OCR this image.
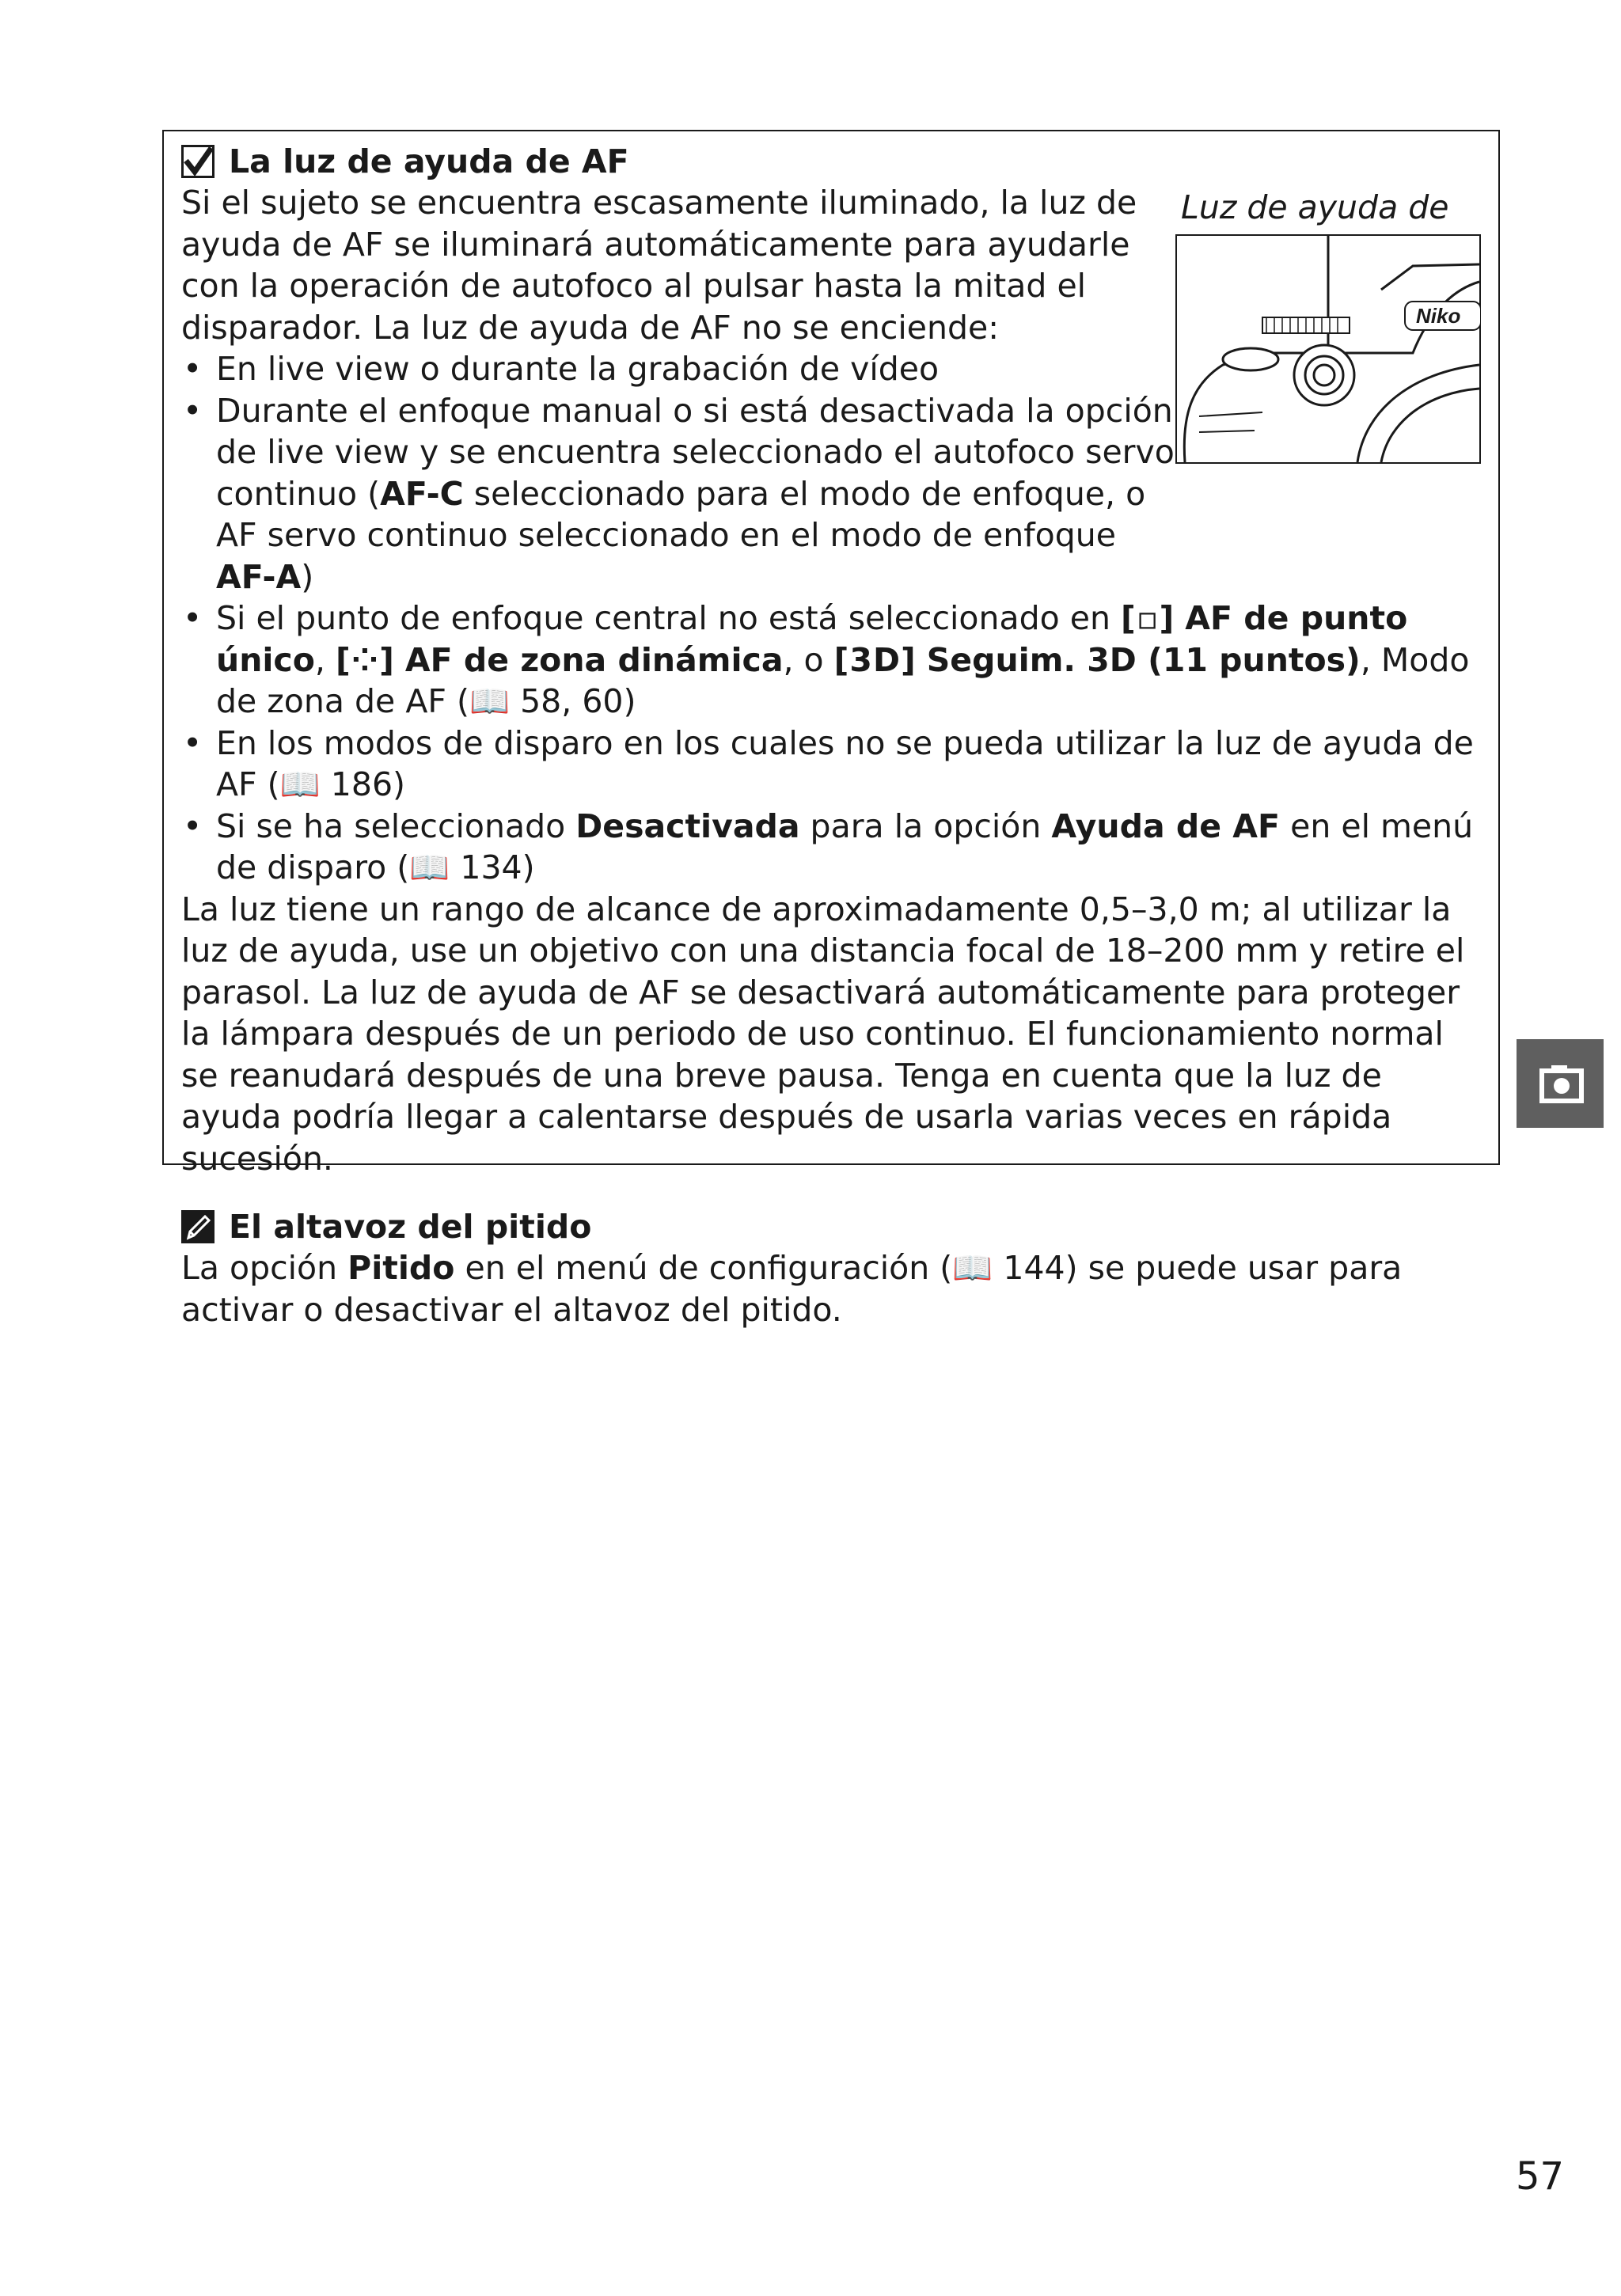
La luz de ayuda de AF

Si el sujeto se encuentra escasamente iluminado, la luz de ayuda de AF se iluminará automáticamente para ayudarle con la operación de autofoco al pulsar hasta la mitad el disparador. La luz de ayuda de AF no se enciende:

• En live view o durante la grabación de vídeo
• Durante el enfoque manual o si está desactivada la opción de live view y se encuentra seleccionado el autofoco servo continuo (AF-C seleccionado para el modo de enfoque, o AF servo continuo seleccionado en el modo de enfoque AF-A)
• Si el punto de enfoque central no está seleccionado en [▫] AF de punto único, [⁘] AF de zona dinámica, o [3D] Seguim. 3D (11 puntos), Modo de zona de AF (📖 58, 60)
• En los modos de disparo en los cuales no se pueda utilizar la luz de ayuda de AF (📖 186)
• Si se ha seleccionado Desactivada para la opción Ayuda de AF en el menú de disparo (📖 134)

La luz tiene un rango de alcance de aproximadamente 0,5–3,0 m; al utilizar la luz de ayuda, use un objetivo con una distancia focal de 18–200 mm y retire el parasol. La luz de ayuda de AF se desactivará automáticamente para proteger la lámpara después de un periodo de uso continuo. El funcionamiento normal se reanudará después de una breve pausa. Tenga en cuenta que la luz de ayuda podría llegar a calentarse después de usarla varias veces en rápida sucesión.

El altavoz del pitido

La opción Pitido en el menú de configuración (📖 144) se puede usar para activar o desactivar el altavoz del pitido.

Luz de ayuda de
Niko
57
